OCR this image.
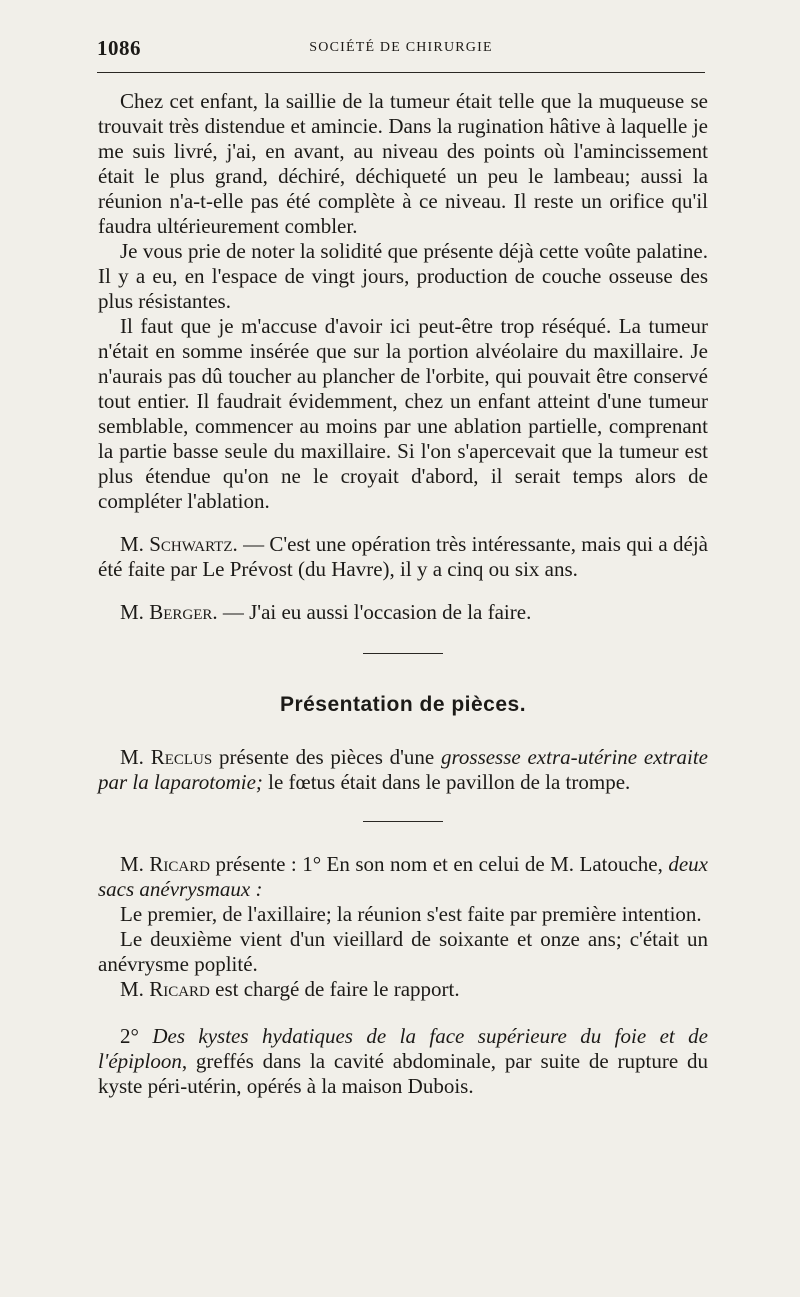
1086	SOCIÉTÉ DE CHIRURGIE

Chez cet enfant, la saillie de la tumeur était telle que la muqueuse se trouvait très distendue et amincie. Dans la rugination hâtive à laquelle je me suis livré, j'ai, en avant, au niveau des points où l'amincissement était le plus grand, déchiré, déchiqueté un peu le lambeau; aussi la réunion n'a-t-elle pas été complète à ce niveau. Il reste un orifice qu'il faudra ultérieurement combler.

Je vous prie de noter la solidité que présente déjà cette voûte palatine. Il y a eu, en l'espace de vingt jours, production de couche osseuse des plus résistantes.

Il faut que je m'accuse d'avoir ici peut-être trop réséqué. La tumeur n'était en somme insérée que sur la portion alvéolaire du maxillaire. Je n'aurais pas dû toucher au plancher de l'orbite, qui pouvait être conservé tout entier. Il faudrait évidemment, chez un enfant atteint d'une tumeur semblable, commencer au moins par une ablation partielle, comprenant la partie basse seule du maxillaire. Si l'on s'apercevait que la tumeur est plus étendue qu'on ne le croyait d'abord, il serait temps alors de compléter l'ablation.

M. Schwartz. — C'est une opération très intéressante, mais qui a déjà été faite par Le Prévost (du Havre), il y a cinq ou six ans.

M. Berger. — J'ai eu aussi l'occasion de la faire.

Présentation de pièces.

M. Reclus présente des pièces d'une grossesse extra-utérine extraite par la laparotomie; le fœtus était dans le pavillon de la trompe.

M. Ricard présente : 1° En son nom et en celui de M. Latouche, deux sacs anévrysmaux :

Le premier, de l'axillaire; la réunion s'est faite par première intention.

Le deuxième vient d'un vieillard de soixante et onze ans; c'était un anévrysme poplité.

M. Ricard est chargé de faire le rapport.

2° Des kystes hydatiques de la face supérieure du foie et de l'épiploon, greffés dans la cavité abdominale, par suite de rupture du kyste péri-utérin, opérés à la maison Dubois.
